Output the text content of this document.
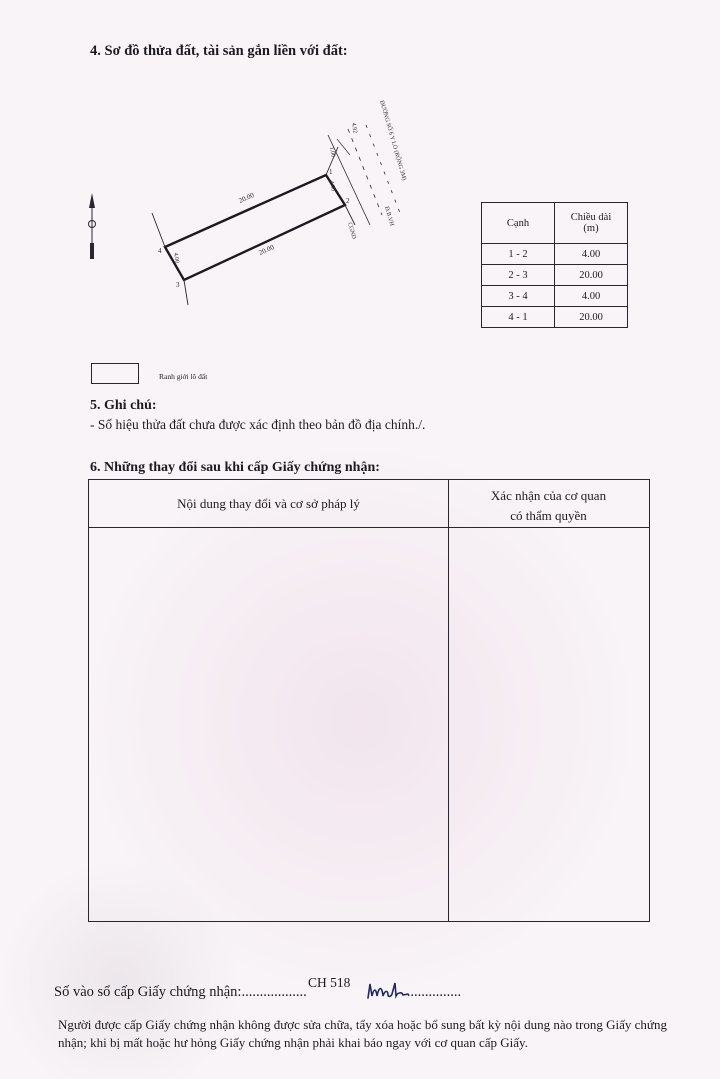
4. Sơ đồ thửa đất, tài sản gắn liền với đất:
B	20.00
20.00
4.00
4.00
1
2
3
4
1.00
4.92	ĐƯỜNG SỐ 6 Y LÒ (RỘNG 3M)
CGND
Đ.B.VH	Cạnh	Chiều dài
(m)
1 - 2	4.00
2 - 3	20.00
3 - 4	4.00
4 - 1	20.00
Ranh giới lô đất
5. Ghi chú:
- Số hiệu thửa đất chưa được xác định theo bản đồ địa chính./.
6. Những thay đổi sau khi cấp Giấy chứng nhận:
Nội dung thay đổi và cơ sở pháp lý
Xác nhận của cơ quan
có thẩm quyền
Số vào sổ cấp Giấy chứng nhận:..................	...............
CH 518
Người được cấp Giấy chứng nhận không được sửa chữa, tẩy xóa hoặc bổ sung bất kỳ nội dung nào trong Giấy chứng nhận; khi bị mất hoặc hư hỏng Giấy chứng nhận phải khai báo ngay với cơ quan cấp Giấy.
